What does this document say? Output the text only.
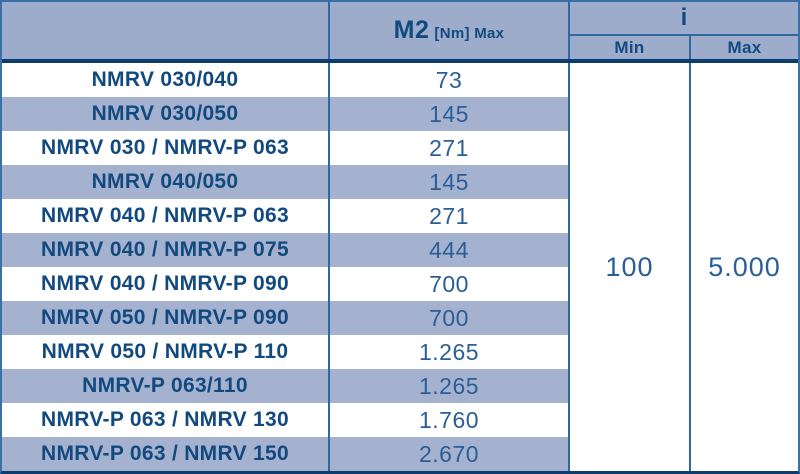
M2 [Nm] Max
i
Min	Max
NMRV 030/040	73
NMRV 030/050	145
NMRV 030 / NMRV-P 063	271
NMRV 040/050	145
NMRV 040 / NMRV-P 063	271
NMRV 040 / NMRV-P 075	444
NMRV 040 / NMRV-P 090	700
NMRV 050 / NMRV-P 090	700
NMRV 050 / NMRV-P 110	1.265
NMRV-P 063/110	1.265
NMRV-P 063 / NMRV 130	1.760
NMRV-P 063 / NMRV 150	2.670
100	5.000
